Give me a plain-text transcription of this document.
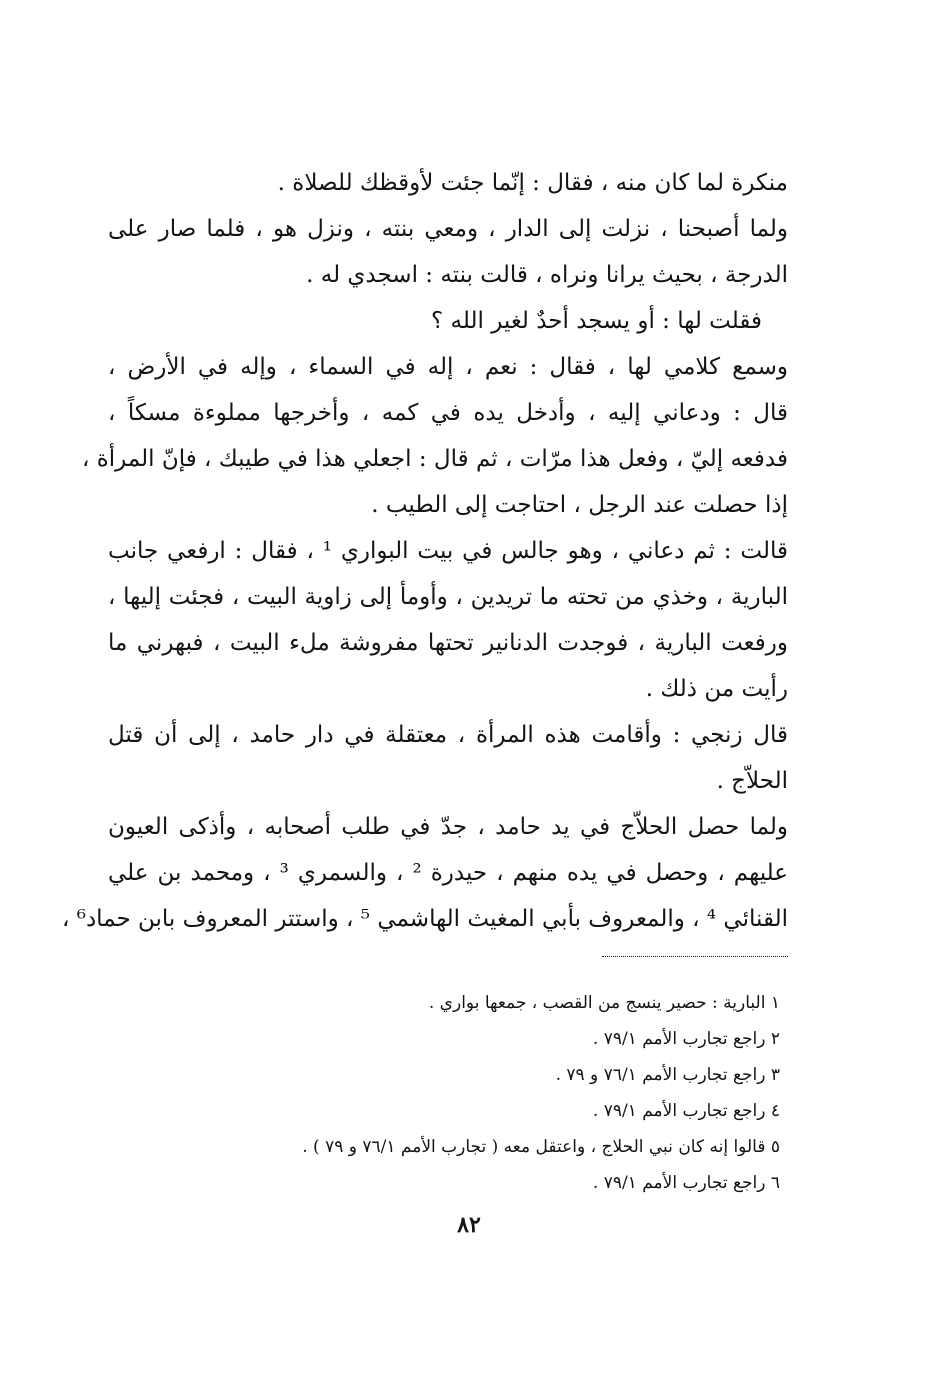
منكرة لما كان منه ، فقال : إنّما جئت لأوقظك للصلاة .
ولما أصبحنا ، نزلت إلى الدار ، ومعي بنته ، ونزل هو ، فلما صار على
الدرجة ، بحيث يرانا ونراه ، قالت بنته : اسجدي له .
فقلت لها : أو يسجد أحدٌ لغير الله ؟
وسمع كلامي لها ، فقال : نعم ، إله في السماء ، وإله في الأرض ،
قال : ودعاني إليه ، وأدخل يده في كمه ، وأخرجها مملوءة مسكاً ،
فدفعه إليّ ، وفعل هذا مرّات ، ثم قال : اجعلي هذا في طيبك ، فإنّ المرأة ،
إذا حصلت عند الرجل ، احتاجت إلى الطيب .
قالت : ثم دعاني ، وهو جالس في بيت البواري ¹ ، فقال : ارفعي جانب
البارية ، وخذي من تحته ما تريدين ، وأومأ إلى زاوية البيت ، فجئت إليها ،
ورفعت البارية ، فوجدت الدنانير تحتها مفروشة ملء البيت ، فبهرني ما
رأيت من ذلك .
قال زنجي : وأقامت هذه المرأة ، معتقلة في دار حامد ، إلى أن قتل
الحلاّج .
ولما حصل الحلاّج في يد حامد ، جدّ في طلب أصحابه ، وأذكى العيون
عليهم ، وحصل في يده منهم ، حيدرة ² ، والسمري ³ ، ومحمد بن علي
القنائي ⁴ ، والمعروف بأبي المغيث الهاشمي ⁵ ، واستتر المعروف بابن حماد⁶ ،
١ البارية : حصير ينسج من القصب ، جمعها بواري .
٢ راجع تجارب الأمم ٧٩/١ .
٣ راجع تجارب الأمم ٧٦/١ و ٧٩ .
٤ راجع تجارب الأمم ٧٩/١ .
٥ قالوا إنه كان نبي الحلاج ، واعتقل معه ( تجارب الأمم ٧٦/١ و ٧٩ ) .
٦ راجع تجارب الأمم ٧٩/١ .
٨٢
